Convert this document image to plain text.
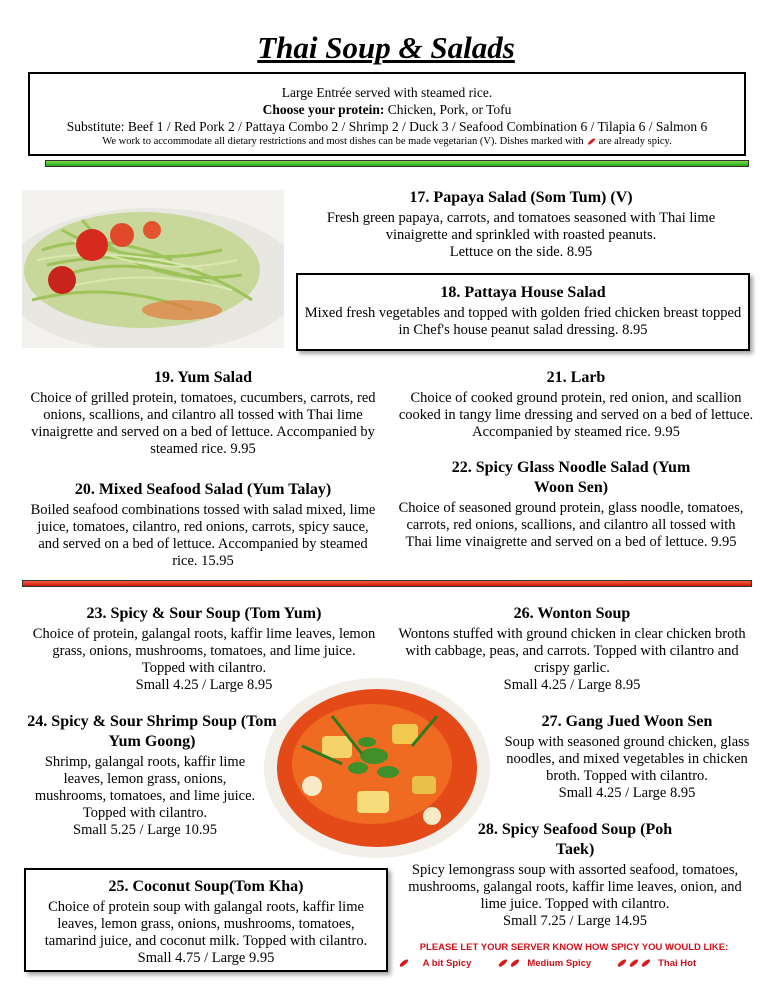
Thai Soup & Salads
Large Entrée served with steamed rice.
Choose your protein: Chicken, Pork, or Tofu
Substitute: Beef 1 / Red Pork 2 / Pattaya Combo 2 / Shrimp 2 / Duck 3 / Seafood Combination 6 / Tilapia 6 / Salmon 6
We work to accommodate all dietary restrictions and most dishes can be made vegetarian (V). Dishes marked with are already spicy.
17. Papaya Salad (Som Tum) (V)
Fresh green papaya, carrots, and tomatoes seasoned with Thai lime vinaigrette and sprinkled with roasted peanuts.
Lettuce on the side. 8.95
18. Pattaya House Salad
Mixed fresh vegetables and topped with golden fried chicken breast topped in Chef's house peanut salad dressing. 8.95
19. Yum Salad
Choice of grilled protein, tomatoes, cucumbers, carrots, red onions, scallions, and cilantro all tossed with Thai lime vinaigrette and served on a bed of lettuce. Accompanied by steamed rice. 9.95
20. Mixed Seafood Salad (Yum Talay)
Boiled seafood combinations tossed with salad mixed, lime juice, tomatoes, cilantro, red onions, carrots, spicy sauce, and served on a bed of lettuce. Accompanied by steamed rice. 15.95
21. Larb
Choice of cooked ground protein, red onion, and scallion cooked in tangy lime dressing and served on a bed of lettuce. Accompanied by steamed rice. 9.95
22. Spicy Glass Noodle Salad (Yum Woon Sen)
Choice of seasoned ground protein, glass noodle, tomatoes, carrots, red onions, scallions, and cilantro all tossed with Thai lime vinaigrette and served on a bed of lettuce. 9.95
23. Spicy & Sour Soup (Tom Yum)
Choice of protein, galangal roots, kaffir lime leaves, lemon grass, onions, mushrooms, tomatoes, and lime juice. Topped with cilantro.
Small 4.25 / Large 8.95
24. Spicy & Sour Shrimp Soup (Tom Yum Goong)
Shrimp, galangal roots, kaffir lime leaves, lemon grass, onions, mushrooms, tomatoes, and lime juice. Topped with cilantro.
Small 5.25 / Large 10.95
25. Coconut Soup(Tom Kha)
Choice of protein soup with galangal roots, kaffir lime leaves, lemon grass, onions, mushrooms, tomatoes, tamarind juice, and coconut milk. Topped with cilantro. Small 4.75 / Large 9.95
26. Wonton Soup
Wontons stuffed with ground chicken in clear chicken broth with cabbage, peas, and carrots. Topped with cilantro and crispy garlic.
Small 4.25 / Large 8.95
27. Gang Jued Woon Sen
Soup with seasoned ground chicken, glass noodles, and mixed vegetables in chicken broth. Topped with cilantro.
Small 4.25 / Large 8.95
28. Spicy Seafood Soup (Poh Taek)
Spicy lemongrass soup with assorted seafood, tomatoes, mushrooms, galangal roots, kaffir lime leaves, onion, and lime juice. Topped with cilantro.
Small 7.25 / Large 14.95
PLEASE LET YOUR SERVER KNOW HOW SPICY YOU WOULD LIKE:
A bit Spicy	Medium Spicy	Thai Hot
